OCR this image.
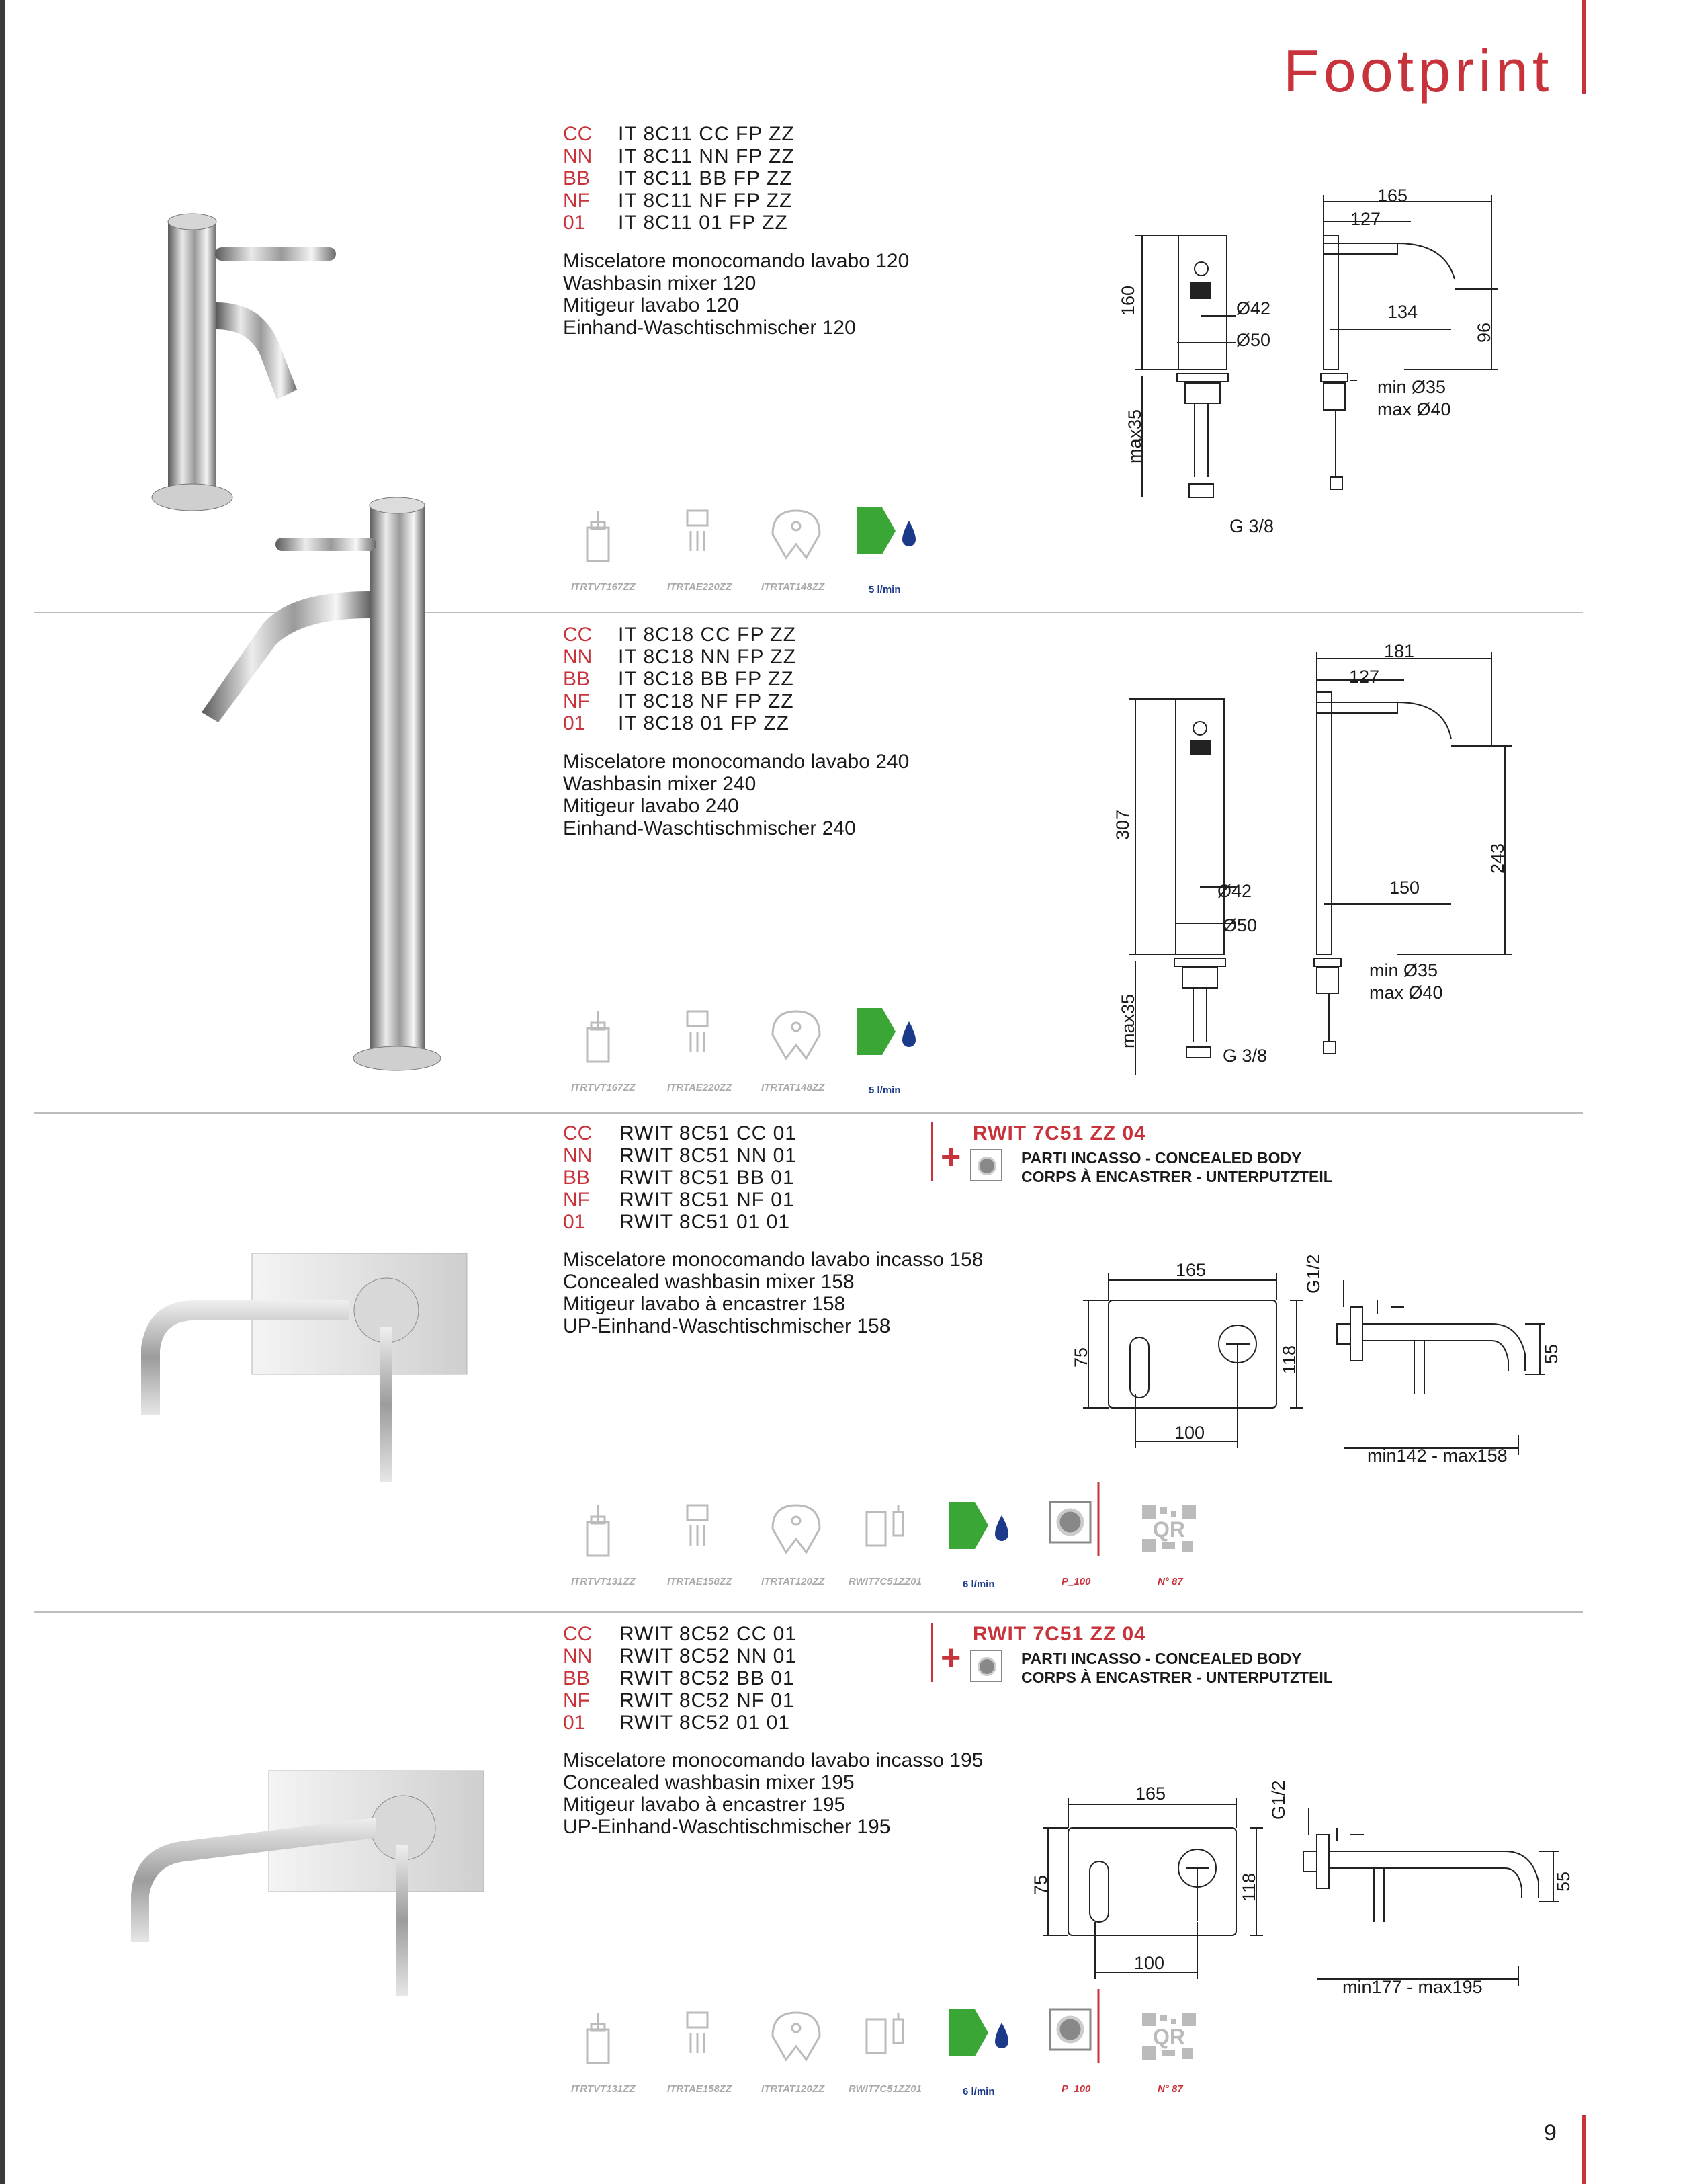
Footprint
CC	IT 8C11 CC FP ZZ
NN	IT 8C11 NN FP ZZ
BB	IT 8C11 BB FP ZZ
NF	IT 8C11 NF FP ZZ
01	IT 8C11 01 FP ZZ
Miscelatore monocomando lavabo 120
Washbasin mixer 120
Mitigeur lavabo 120
Einhand-Waschtischmischer 120
165
127
160	Ø42
Ø50
134
96
min Ø35
max Ø40
max35
G 3/8
ITRTVT167ZZ	ITRTAE220ZZ	ITRTAT148ZZ	5 l/min
CC	IT 8C18 CC FP ZZ
NN	IT 8C18 NN FP ZZ
BB	IT 8C18 BB FP ZZ
NF	IT 8C18 NF FP ZZ
01	IT 8C18 01 FP ZZ
Miscelatore monocomando lavabo 240
Washbasin mixer 240
Mitigeur lavabo 240
Einhand-Waschtischmischer 240
181
127
307
Ø42
Ø50
150
243
min Ø35
max Ø40
max35
G 3/8
ITRTVT167ZZ	ITRTAE220ZZ	ITRTAT148ZZ	5 l/min
CC	RWIT 8C51 CC 01
NN	RWIT 8C51 NN 01
BB	RWIT 8C51 BB 01
NF	RWIT 8C51 NF 01
01	RWIT 8C51 01 01
RWIT 7C51 ZZ 04
+	PARTI INCASSO - CONCEALED BODY
CORPS À ENCASTRER - UNTERPUTZTEIL
Miscelatore monocomando lavabo incasso 158
Concealed washbasin mixer 158
Mitigeur lavabo à encastrer 158
UP-Einhand-Waschtischmischer 158
165
75
100
118
G1/2
55
min142 - max158
QR
ITRTVT131ZZ	ITRTAE158ZZ	ITRTAT120ZZ RWIT7C51ZZ01	6 l/min	P_100	N° 87
CC	RWIT 8C52 CC 01
NN	RWIT 8C52 NN 01
BB	RWIT 8C52 BB 01
NF	RWIT 8C52 NF 01
01	RWIT 8C52 01 01
RWIT 7C51 ZZ 04
+	PARTI INCASSO - CONCEALED BODY
CORPS À ENCASTRER - UNTERPUTZTEIL
Miscelatore monocomando lavabo incasso 195
Concealed washbasin mixer 195
Mitigeur lavabo à encastrer 195
UP-Einhand-Waschtischmischer 195
165
75
100
118
G1/2
55
min177 - max195
QR
ITRTVT131ZZ	ITRTAE158ZZ	ITRTAT120ZZ RWIT7C51ZZ01	6 l/min	P_100	N° 87
9
